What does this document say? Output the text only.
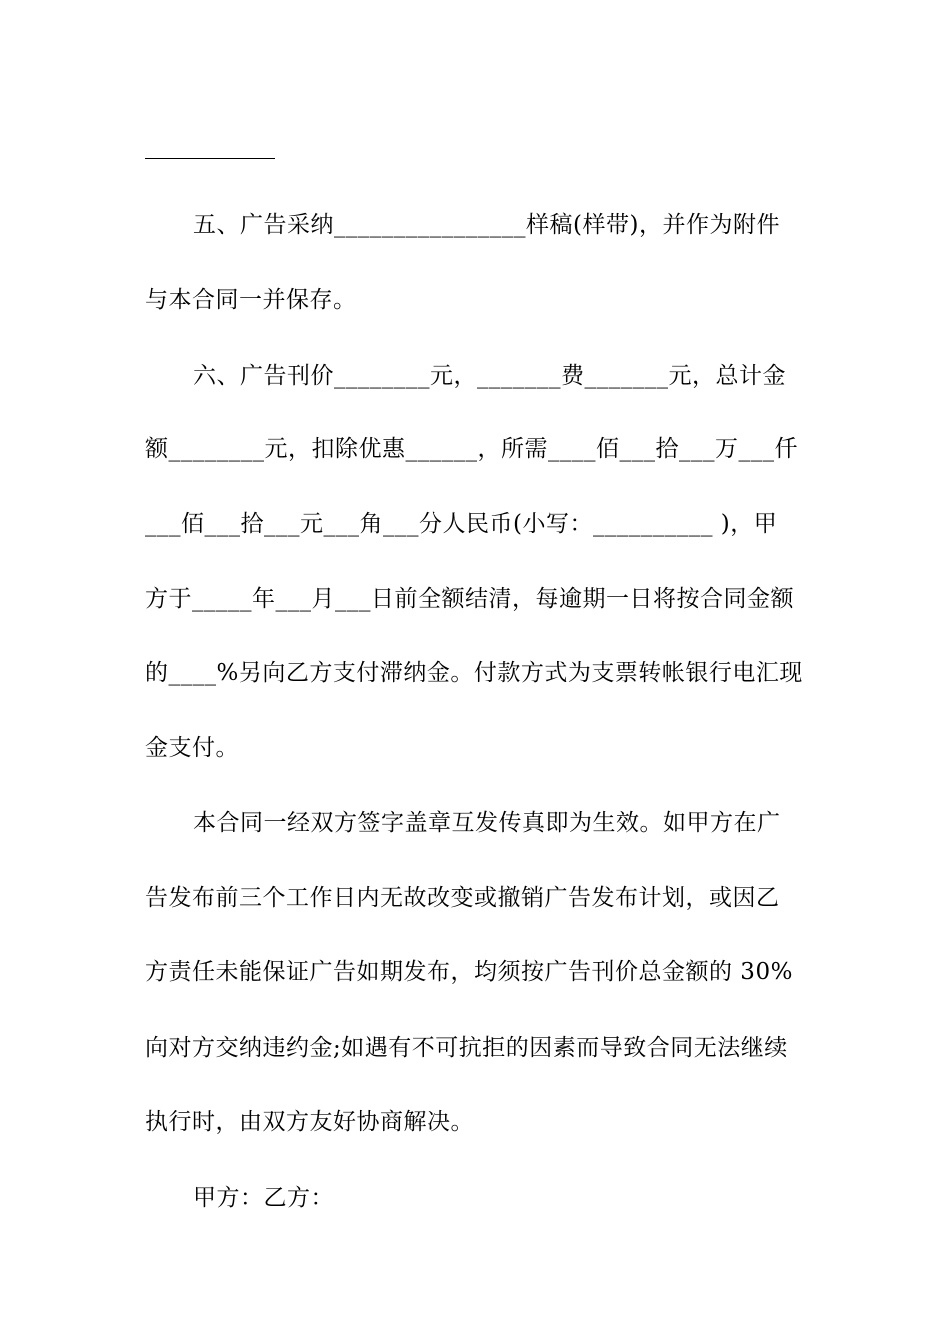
五、广告采纳________________样稿(样带)，并作为附件
与本合同一并保存。
六、广告刊价________元，_______费_______元，总计金
额________元，扣除优惠______，所需____佰___拾___万___仟
___佰___拾___元___角___分人民币(小写：__________ )，甲
方于_____年___月___日前全额结清，每逾期一日将按合同金额
的____%另向乙方支付滞纳金。付款方式为支票转帐银行电汇现
金支付。
本合同一经双方签字盖章互发传真即为生效。如甲方在广
告发布前三个工作日内无故改变或撤销广告发布计划，或因乙
方责任未能保证广告如期发布，均须按广告刊价总金额的 30%
向对方交纳违约金;如遇有不可抗拒的因素而导致合同无法继续
执行时，由双方友好协商解决。
甲方：乙方：
